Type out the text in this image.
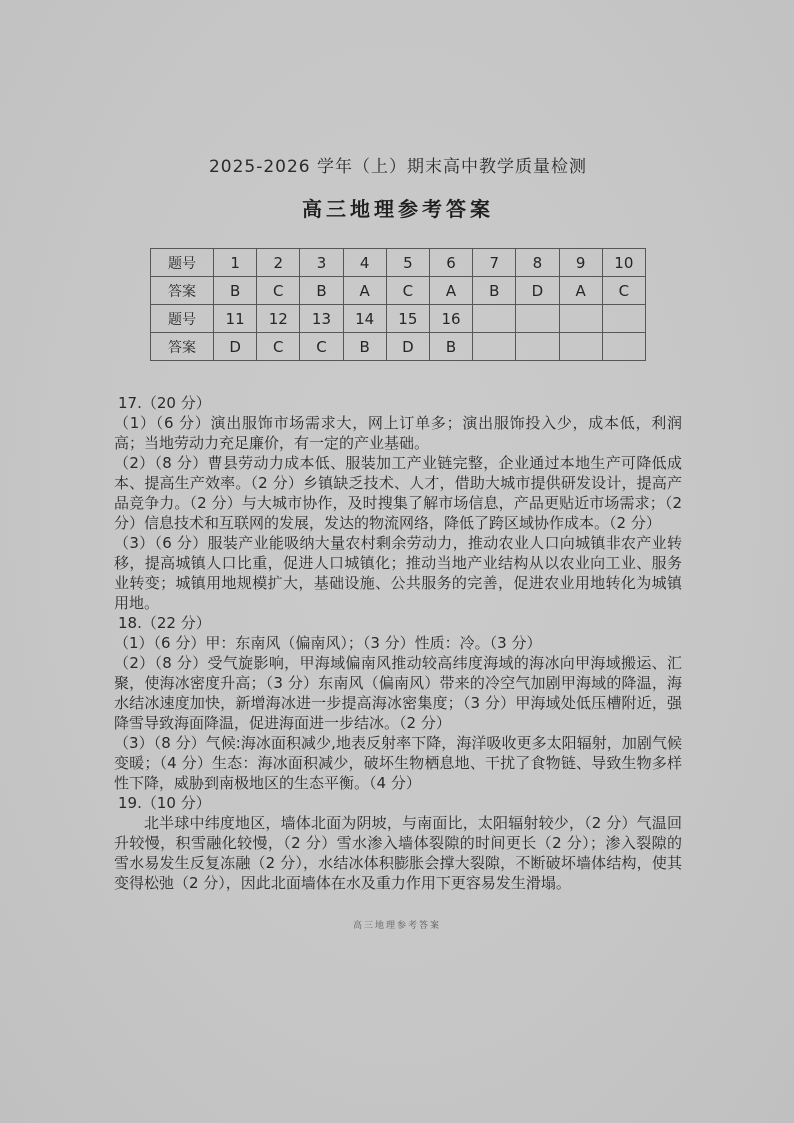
2025-2026 学年（上）期末高中教学质量检测
高三地理参考答案
题号	1	2	3	4	5	6	7	8	9	10
答案	B	C	B	A	C	A	B	D	A	C
题号	11	12	13	14	15	16				
答案	D	C	C	B	D	B				

17.（20 分）

（1）（6 分）演出服饰市场需求大，网上订单多；演出服饰投入少，成本低，利润高；当地劳动力充足廉价，有一定的产业基础。

（2）（8 分）曹县劳动力成本低、服装加工产业链完整，企业通过本地生产可降低成本、提高生产效率。（2 分）乡镇缺乏技术、人才，借助大城市提供研发设计，提高产品竞争力。（2 分）与大城市协作，及时搜集了解市场信息，产品更贴近市场需求；（2 分）信息技术和互联网的发展，发达的物流网络，降低了跨区域协作成本。（2 分）

（3）（6 分）服装产业能吸纳大量农村剩余劳动力，推动农业人口向城镇非农产业转移，提高城镇人口比重，促进人口城镇化；推动当地产业结构从以农业向工业、服务业转变；城镇用地规模扩大，基础设施、公共服务的完善，促进农业用地转化为城镇用地。

18.（22 分）

（1）（6 分）甲：东南风（偏南风）；（3 分）性质：冷。（3 分）

（2）（8 分）受气旋影响，甲海域偏南风推动较高纬度海域的海冰向甲海域搬运、汇聚，使海冰密度升高；（3 分）东南风（偏南风）带来的冷空气加剧甲海域的降温，海水结冰速度加快，新增海冰进一步提高海冰密集度；（3 分）甲海域处低压槽附近，强降雪导致海面降温，促进海面进一步结冰。（2 分）

（3）（8 分）气候:海冰面积减少,地表反射率下降，海洋吸收更多太阳辐射，加剧气候变暖；（4 分）生态：海冰面积减少，破坏生物栖息地、干扰了食物链、导致生物多样性下降，威胁到南极地区的生态平衡。（4 分）

19.（10 分）

北半球中纬度地区，墙体北面为阴坡，与南面比，太阳辐射较少，（2 分）气温回升较慢，积雪融化较慢，（2 分）雪水渗入墙体裂隙的时间更长（2 分）；渗入裂隙的雪水易发生反复冻融（2 分），水结冰体积膨胀会撑大裂隙，不断破坏墙体结构，使其变得松弛（2 分），因此北面墙体在水及重力作用下更容易发生滑塌。

高三地理参考答案
